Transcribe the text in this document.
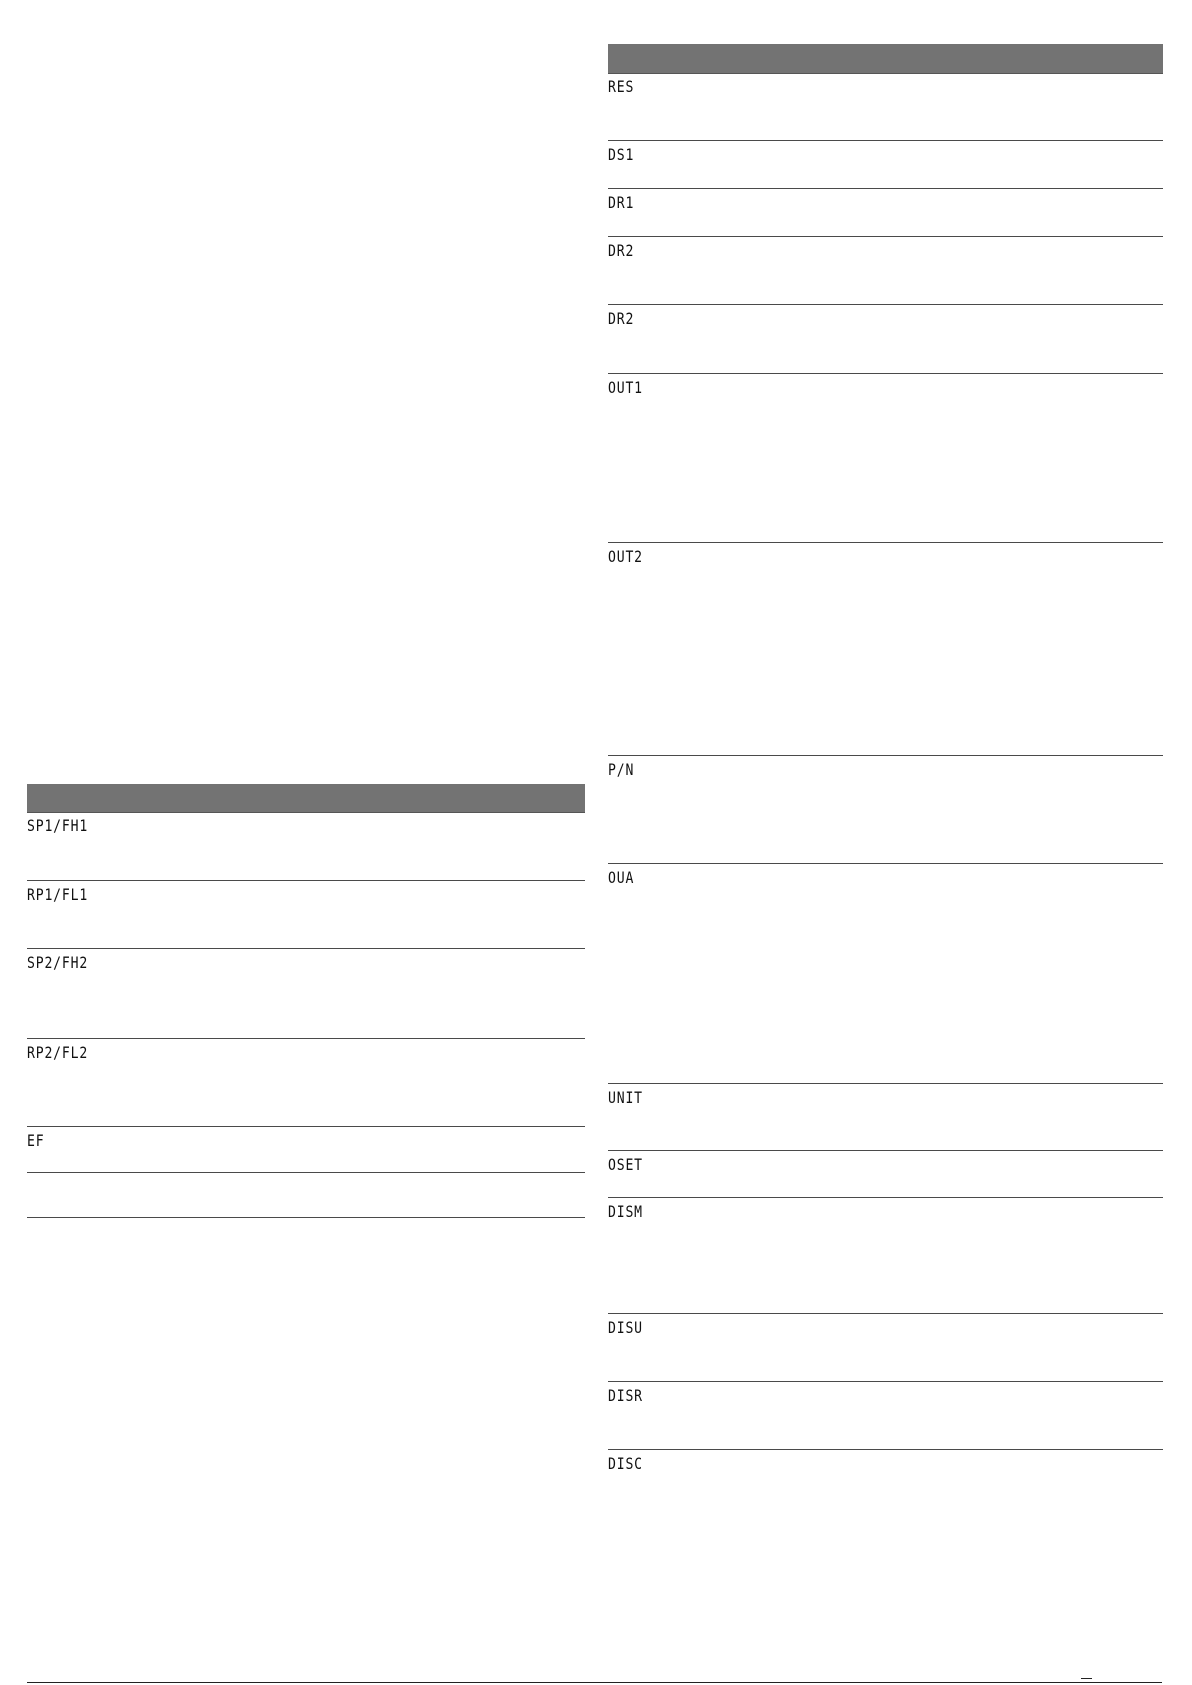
SP1/FH1
RP1/FL1
SP2/FH2
RP2/FL2
EF
RES
DS1
DR1
DR2
DR2
OUT1
OUT2
P/N
OUA
UNIT
OSET
DISM
DISU
DISR
DISC
